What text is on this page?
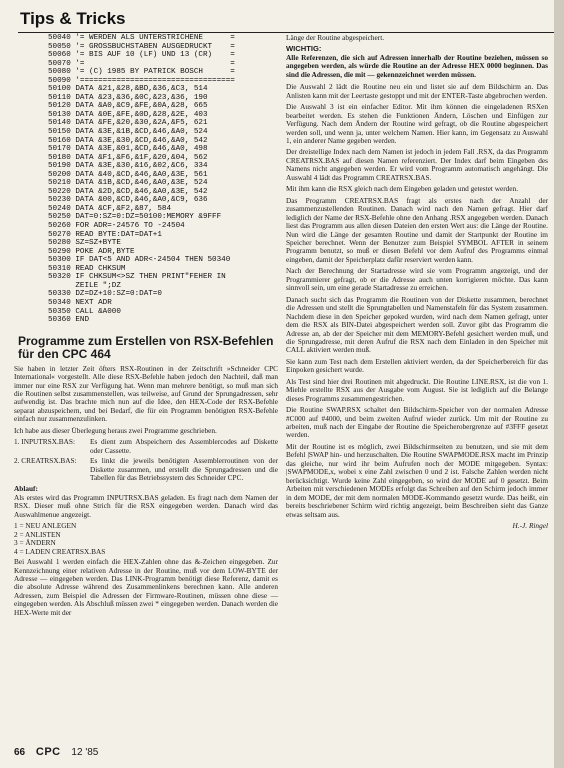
Tips & Tricks
50040 '= WERDEN ALS UNTERSTRICHENE      =
50050 '= GROSSBUCHSTABEN AUSGEDRUCKT    =
50060 '= BIS AUF 10 (LF) UND 13 (CR)    =
50070 '=                                =
50080 '= (C) 1985 BY PATRICK BOSCH      =
50090 '==================================
50100 DATA &21,&28,&BD,&36,&C3, 514
50110 DATA &23,&36,&0C,&23,&36, 190
50120 DATA &A0,&C9,&FE,&0A,&28, 665
50130 DATA &0E,&FE,&0D,&28,&2E, 403
50140 DATA &FE,&20,&30,&2A,&F5, 621
50150 DATA &3E,&1B,&CD,&46,&A0, 524
50160 DATA &3E,&30,&CD,&46,&A0, 542
50170 DATA &3E,&01,&CD,&46,&A0, 498
50180 DATA &F1,&F6,&1F,&20,&04, 562
50190 DATA &3E,&30,&16,&02,&C6, 334
50200 DATA &40,&CD,&46,&A0,&3E, 561
50210 DATA &1B,&CD,&46,&A0,&3E, 524
50220 DATA &2D,&CD,&46,&A0,&3E, 542
50230 DATA &00,&CD,&46,&A0,&C9, 636
50240 DATA &CF,&F2,&87, 584
50250 DAT=0:SZ=0:DZ=50100:MEMORY &9FFF
50260 FOR ADR=-24576 TO -24504
50270 READ BYTE:DAT=DAT+1
50280 SZ=SZ+BYTE
50290 POKE ADR,BYTE
50300 IF DAT<5 AND ADR<-24504 THEN 50340
50310 READ CHKSUM
50320 IF CHKSUM<>SZ THEN PRINT"FEHER IN
ZEILE ";DZ
50330 DZ=DZ+10:SZ=0:DAT=0
50340 NEXT ADR
50350 CALL &A000
50360 END
Programme zum Erstellen von RSX-Befehlen für den CPC 464

Sie haben in letzter Zeit öfters RSX-Routinen in der Zeitschrift »Schneider CPC International« vorgestellt. Alle diese RSX-Befehle haben jedoch den Nachteil, daß man immer nur eine RSX zur Verfügung hat. Wenn man mehrere benötigt, so muß man sich die Routinen selbst zusammenstellen, was teilweise, auf Grund der Sprungadressen, sehr aufwendig ist. Das brachte mich nun auf die Idee, den HEX-Code der RSX-Befehle separat abzuspeichern, und bei Bedarf, die für ein Programm benötigten RSX-Befehle einfach nur zusammenzulinken.

Ich habe aus dieser Überlegung heraus zwei Programme geschrieben.

1. INPUTRSX.BAS:	Es dient zum Abspeichern des Assemblercodes auf Diskette oder Cassette.
2. CREATRSX.BAS:	Es linkt die jeweils benötigten Assemblerroutinen von der Diskette zusammen, und erstellt die Sprungadressen und die Tabellen für das Betriebssystem des Schneider CPC.
Ablauf:

Als erstes wird das Programm INPUTRSX.BAS geladen. Es fragt nach dem Namen der RSX. Dieser muß ohne Strich für die RSX eingegeben werden. Danach wird das Auswahlmenue angezeigt.

1 = NEU ANLEGEN
2 = ANLISTEN
3 = ÄNDERN
4 = LADEN CREATRSX.BAS

Bei Auswahl 1 werden einfach die HEX-Zahlen ohne das &-Zeichen eingegeben. Zur Kennzeichnung einer relativen Adresse in der Routine, muß vor dem LOW-BYTE der Adresse — eingegeben werden. Das LINK-Programm benötigt diese Referenz, damit es die absolute Adresse während des Zusammenlinkens berechnen kann. Alle anderen Adressen, zum Beispiel die Adressen der Firmware-Routinen, müssen ohne diese — eingegeben werden. Als Abschluß müssen zwei * eingegeben werden. Danach werden die HEX-Werte mit der

Länge der Routine abgespeichert.

WICHTIG:
Alle Referenzen, die sich auf Adressen innerhalb der Routine beziehen, müssen so angegeben werden, als würde die Routine an der Adresse HEX 0000 beginnen. Das sind die Adressen, die mit — gekennzeichnet werden müssen.

Die Auswahl 2 lädt die Routine neu ein und listet sie auf dem Bildschirm an. Das Anlisten kann mit der Leertaste gestoppt und mit der ENTER-Taste abgebrochen werden.

Die Auswahl 3 ist ein einfacher Editor. Mit ihm können die eingeladenen RSXen bearbeitet werden. Es stehen die Funktionen Ändern, Löschen und Einfügen zur Verfügung. Nach dem Ändern der Routine wird gefragt, ob die Routine abgespeichert werden soll, und wenn ja, unter welchem Namen. Hier kann, im Gegensatz zu Auswahl 1, ein anderer Name gegeben werden.

Der dreistellige Index nach dem Namen ist jedoch in jedem Fall .RSX, da das Programm CREATRSX.BAS auf diesen Namen referenziert. Der Index darf beim Eingeben des Namens nicht angegeben werden. Er wird vom Programm automatisch angehängt. Die Auswahl 4 lädt das Programm CREATRSX.BAS.

Mit ihm kann die RSX gleich nach dem Eingeben geladen und getestet werden.

Das Programm CREATRSX.BAS fragt als erstes nach der Anzahl der zusammenzustellenden Routinen. Danach wird nach den Namen gefragt. Hier darf lediglich der Name der RSX-Befehle ohne den Anhang .RSX angegeben werden. Danach liest das Programm aus allen diesen Dateien den ersten Wert aus: die Länge der Routine. Nun wird die Länge der gesamten Routine und damit der Startpunkt der Routine im Speicher berechnet. Wenn der Benutzer zum Beispiel SYMBOL AFTER in seinem Programm benutzt, so muß er diesen Befehl vor dem Aufruf des Programms einmal eingeben, damit der Speicherplatz dafür reserviert werden kann.

Nach der Berechnung der Startadresse wird sie vom Programm angezeigt, und der Programmierer gefragt, ob er die Adresse auch unten korrigieren möchte. Das kann sinnvoll sein, um eine gerade Startadresse zu erreichen.

Danach sucht sich das Programm die Routinen von der Diskette zusammen, berechnet die Adressen und stellt die Sprungtabellen und Namenstafeln für das System zusammen. Nachdem diese in den Speicher gepoked wurden, wird nach dem Namen gefragt, unter dem die RSX als BIN-Datei abgespeichert werden soll. Zuvor gibt das Programm die Adresse an, ab der der Speicher mit dem MEMORY-Befehl gesichert werden muß, und die Sprungadresse, mit deren Aufruf die RSX nach dem Einladen in den Speicher mit CALL aktiviert werden muß.

Sie kann zum Test nach dem Erstellen aktiviert werden, da der Speicherbereich für das Einpoken gesichert wurde.

Als Test sind hier drei Routinen mit abgedruckt. Die Routine LINE.RSX, ist die von 1. Miehle erstellte RSX aus der Ausgabe vom August. Sie ist lediglich auf die Belange dieses Programms zusammengestrichen.

Die Routine SWAP.RSX schaltet den Bildschirm-Speicher von der normalen Adresse #C000 auf #4000, und beim zweiten Aufruf wieder zurück. Um mit der Routine zu arbeiten, muß nach der Eingabe der Routine die Speicherobergrenze auf #3FFF gesetzt werden.

Mit der Routine ist es möglich, zwei Bildschirmseiten zu benutzen, und sie mit dem Befehl |SWAP hin- und herzuschalten. Die Routine SWAPMODE.RSX macht im Prinzip das gleiche, nur wird ihr beim Aufrufen noch der MODE mitgegeben. Syntax: |SWAPMODE,x, wobei x eine Zahl zwischen 0 und 2 ist. Falsche Zahlen werden nicht berücksichtigt. Wurde keine Zahl eingegeben, so wird der MODE auf 0 gesetzt. Beim Arbeiten mit verschiedenen MODEs erfolgt das Schreiben auf den Schirm jedoch immer in dem MODE, der mit dem normalen MODE-Kommando gesetzt wurde. Das heißt, ein bereits beschriebener Schirm wird richtig angezeigt, beim Beschreiben sieht das Ganze etwas seltsam aus.

H.-J. Ringel
66 CPC 12 '85
